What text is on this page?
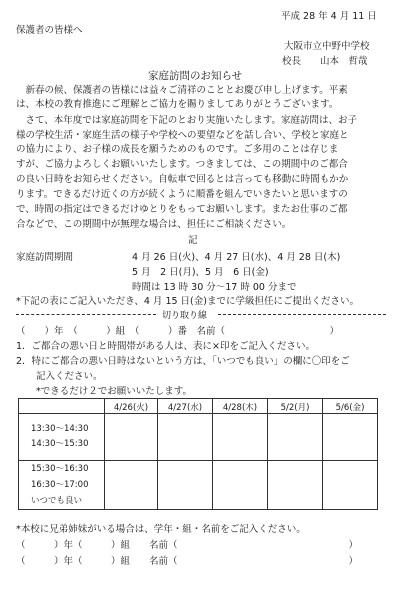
平成 28 年 4 月 11 日
保護者の皆様へ
大阪市立中野中学校
校長　　山本　哲哉
家庭訪問のお知らせ
　新春の候、保護者の皆様には益々ご清祥のこととお慶び申し上げます。平素
は、本校の教育推進にご理解とご協力を賜りましてありがとうございます。
　さて、本年度では家庭訪問を下記のとおり実施いたします。家庭訪問は、お子
様の学校生活・家庭生活の様子や学校への要望などを話し合い、学校と家庭と
の協力により、お子様の成長を願うためのものです。ご多用のことは存じま
すが、ご協力よろしくお願いいたします。つきましては、この期間中のご都合
の良い日時をお知らせください。自転車で回るとは言っても移動に時間もかか
ります。できるだけ近くの方が続くように順番を組んでいきたいと思いますの
で、時間の指定はできるだけゆとりをもってお願いします。またお仕事のご都
合などで、この期間中が無理な場合は、担任にご相談ください。
記
家庭訪問期間	4 月 26 日(火)、4 月 27 日(水)、4 月 28 日(木)
5 月　2 日(月)、5 月　6 日(金)
時間は 13 時 30 分～17 時 00 分まで
*下記の表にご記入いただき、4 月 15 日(金)までに学級担任にご提出ください。
切り取り線
（　　）年　（　　　）組　（　　　）番　名前（　　　　　　　　　　　）
1．ご都合の悪い日と時間帯がある人は、表に×印をご記入ください。
2．特にご都合の悪い日時はないという方は、「いつでも良い」の欄に〇印をご
記入ください。
*できるだけ２でお願いいたします。
	4/26(火)	4/27(水)	4/28(木)	5/2(月)	5/6(金)

13:30～14:30
14:30～15:30					

15:30～16:30
16:30～17:00
いつでも良い					

*本校に兄弟姉妹がいる場合は、学年・組・名前をご記入ください。
（　　　）年（　　　）組　　名前（　　　　　　　　　　　　　　　　　　）
（　　　）年（　　　）組　　名前（　　　　　　　　　　　　　　　　　　）
